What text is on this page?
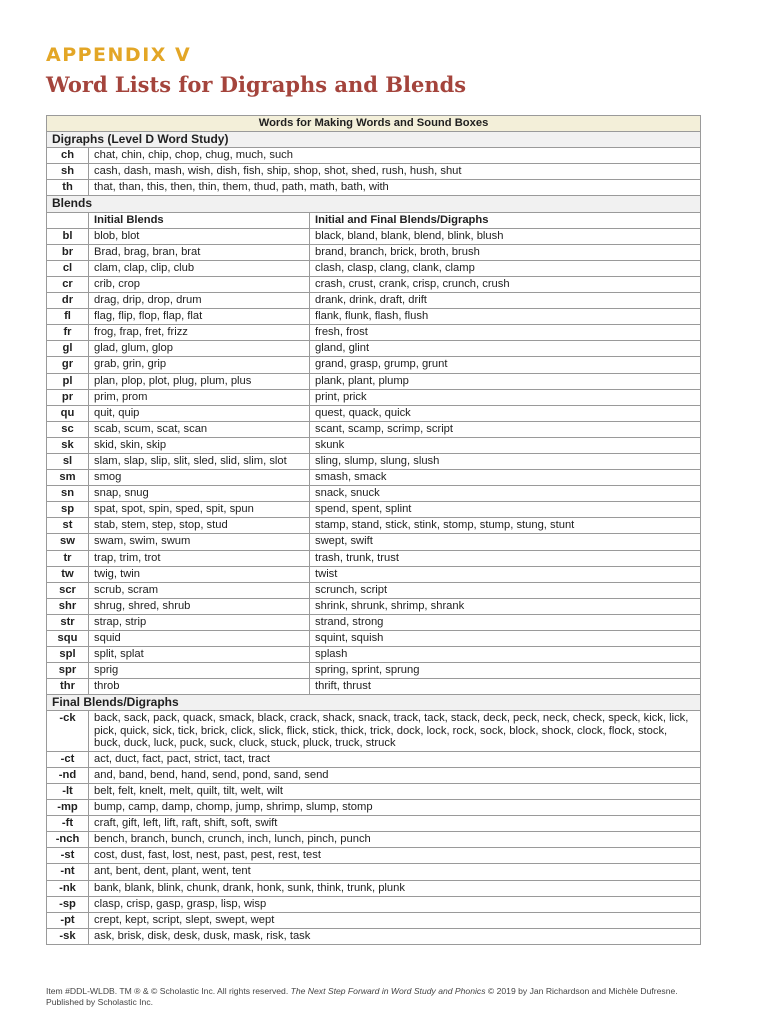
APPENDIX V
Word Lists for Digraphs and Blends
Words for Making Words and Sound Boxes		
Digraphs (Level D Word Study)		
ch	chat, chin, chip, chop, chug, much, such	
sh	cash, dash, mash, wish, dish, fish, ship, shop, shot, shed, rush, hush, shut	
th	that, than, this, then, thin, them, thud, path, math, bath, with	
Blends		
	Initial Blends	Initial and Final Blends/Digraphs
bl	blob, blot	black, bland, blank, blend, blink, blush
br	Brad, brag, bran, brat	brand, branch, brick, broth, brush
cl	clam, clap, clip, club	clash, clasp, clang, clank, clamp
cr	crib, crop	crash, crust, crank, crisp, crunch, crush
dr	drag, drip, drop, drum	drank, drink, draft, drift
fl	flag, flip, flop, flap, flat	flank, flunk, flash, flush
fr	frog, frap, fret, frizz	fresh, frost
gl	glad, glum, glop	gland, glint
gr	grab, grin, grip	grand, grasp, grump, grunt
pl	plan, plop, plot, plug, plum, plus	plank, plant, plump
pr	prim, prom	print, prick
qu	quit, quip	quest, quack, quick
sc	scab, scum, scat, scan	scant, scamp, scrimp, script
sk	skid, skin, skip	skunk
sl	slam, slap, slip, slit, sled, slid, slim, slot	sling, slump, slung, slush
sm	smog	smash, smack
sn	snap, snug	snack, snuck
sp	spat, spot, spin, sped, spit, spun	spend, spent, splint
st	stab, stem, step, stop, stud	stamp, stand, stick, stink, stomp, stump, stung, stunt
sw	swam, swim, swum	swept, swift
tr	trap, trim, trot	trash, trunk, trust
tw	twig, twin	twist
scr	scrub, scram	scrunch, script
shr	shrug, shred, shrub	shrink, shrunk, shrimp, shrank
str	strap, strip	strand, strong
squ	squid	squint, squish
spl	split, splat	splash
spr	sprig	spring, sprint, sprung
thr	throb	thrift, thrust
Final Blends/Digraphs		
-ck	back, sack, pack, quack, smack, black, crack, shack, snack, track, tack, stack, deck, peck, neck, check, speck, kick, lick, pick, quick, sick, tick, brick, click, slick, flick, stick, thick, trick, dock, lock, rock, sock, block, shock, clock, flock, stock, buck, duck, luck, puck, suck, cluck, stuck, pluck, truck, struck	
-ct	act, duct, fact, pact, strict, tact, tract	
-nd	and, band, bend, hand, send, pond, sand, send	
-lt	belt, felt, knelt, melt, quilt, tilt, welt, wilt	
-mp	bump, camp, damp, chomp, jump, shrimp, slump, stomp	
-ft	craft, gift, left, lift, raft, shift, soft, swift	
-nch	bench, branch, bunch, crunch, inch, lunch, pinch, punch	
-st	cost, dust, fast, lost, nest, past, pest, rest, test	
-nt	ant, bent, dent, plant, went, tent	
-nk	bank, blank, blink, chunk, drank, honk, sunk, think, trunk, plunk	
-sp	clasp, crisp, gasp, grasp, lisp, wisp	
-pt	crept, kept, script, slept, swept, wept	
-sk	ask, brisk, disk, desk, dusk, mask, risk, task	
Item #DDL-WLDB. TM ® & © Scholastic Inc. All rights reserved. The Next Step Forward in Word Study and Phonics © 2019 by Jan Richardson and Michèle Dufresne. Published by Scholastic Inc.
